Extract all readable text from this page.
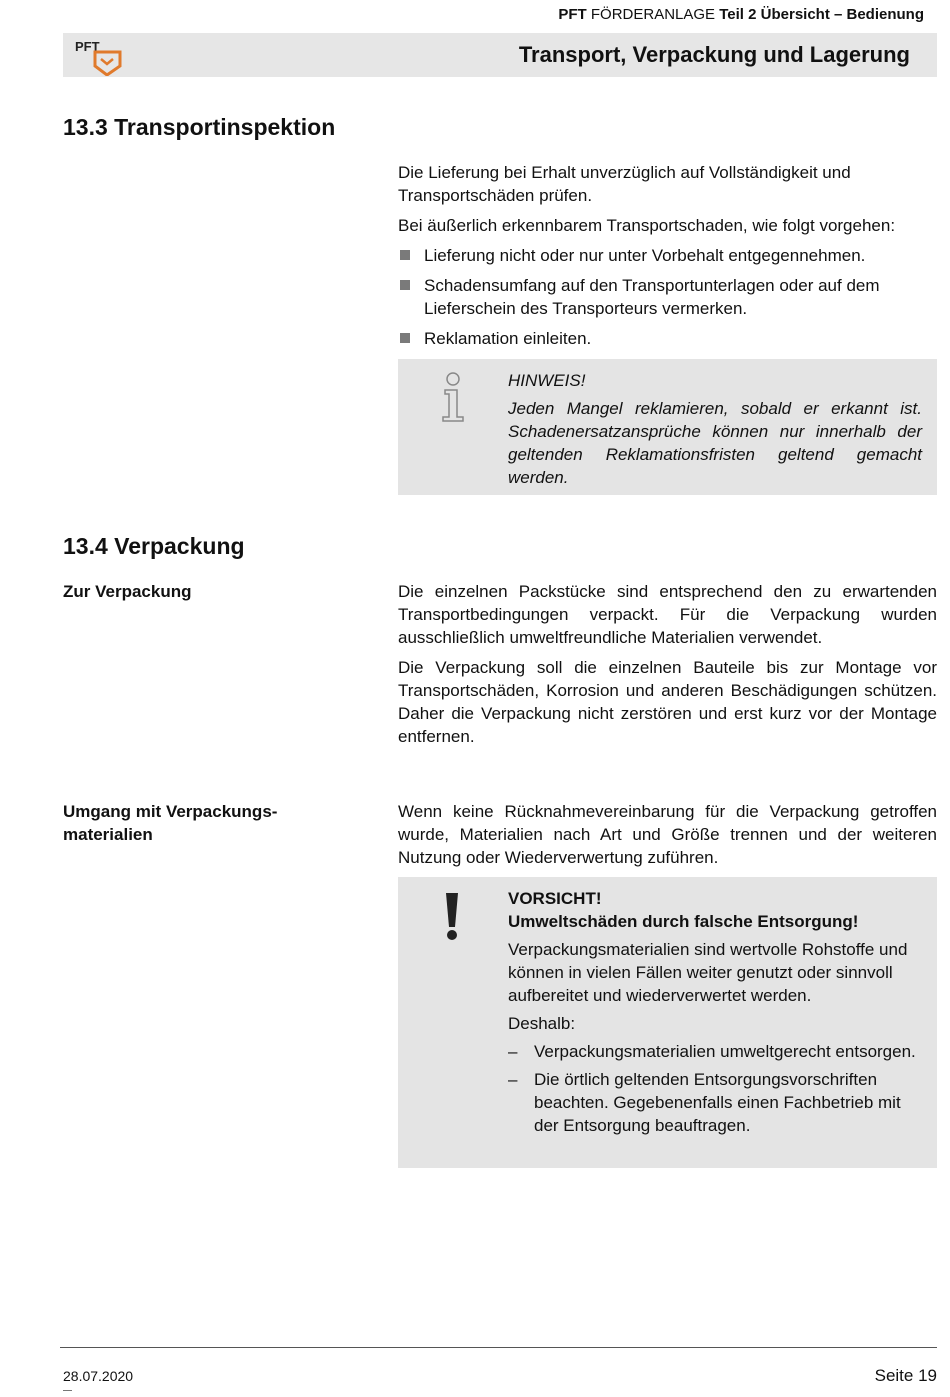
PFT FÖRDERANLAGE Teil 2 Übersicht – Bedienung
PFT	Transport, Verpackung und Lagerung
13.3 Transportinspektion

Die Lieferung bei Erhalt unverzüglich auf Vollständigkeit und Transportschäden prüfen.

Bei äußerlich erkennbarem Transportschaden, wie folgt vorgehen:

Lieferung nicht oder nur unter Vorbehalt entgegennehmen.
Schadensumfang auf den Transportunterlagen oder auf dem Lieferschein des Transporteurs vermerken.
Reklamation einleiten.
HINWEIS!
Jeden Mangel reklamieren, sobald er erkannt ist. Schadenersatzansprüche können nur innerhalb der geltenden Reklamationsfristen geltend gemacht werden.
13.4 Verpackung
Zur Verpackung	Die einzelnen Packstücke sind entsprechend den zu erwartenden Transportbedingungen verpackt. Für die Verpackung wurden ausschließlich umweltfreundliche Materialien verwendet.

Die Verpackung soll die einzelnen Bauteile bis zur Montage vor Transportschäden, Korrosion und anderen Beschädigungen schützen. Daher die Verpackung nicht zerstören und erst kurz vor der Montage entfernen.

Umgang mit Verpackungs-
materialien

Wenn keine Rücknahmevereinbarung für die Verpackung getroffen wurde, Materialien nach Art und Größe trennen und der weiteren Nutzung oder Wiederverwertung zuführen.

VORSICHT!
Umweltschäden durch falsche Entsorgung!
Verpackungsmaterialien sind wertvolle Rohstoffe und können in vielen Fällen weiter genutzt oder sinnvoll aufbereitet und wiederverwertet werden.
Deshalb:
– Verpackungsmaterialien umweltgerecht entsorgen.
– Die örtlich geltenden Entsorgungsvorschriften beachten. Gegebenenfalls einen Fachbetrieb mit der Entsorgung beauftragen.
28.07.2020	Seite 19
